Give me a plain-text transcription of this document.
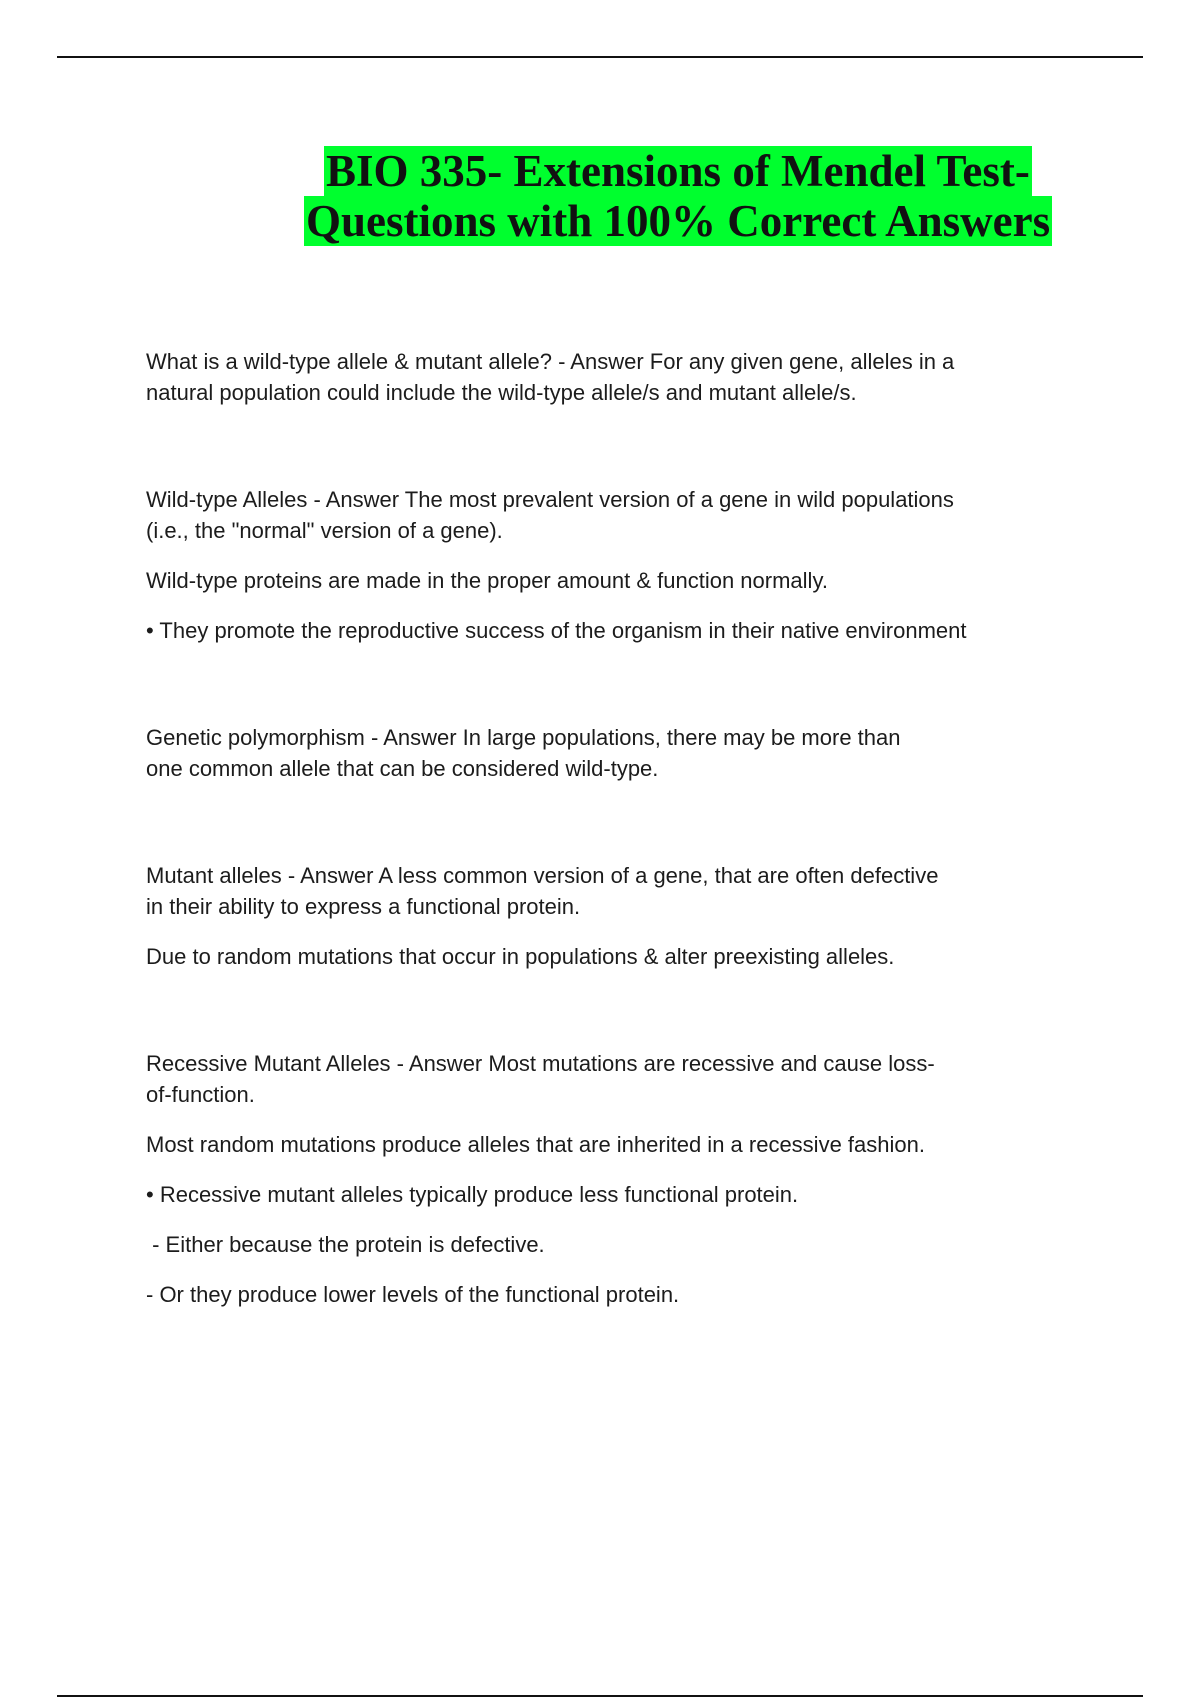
BIO 335- Extensions of Mendel Test-
Questions with 100% Correct Answers
What is a wild-type allele & mutant allele? - Answer For any given gene, alleles in a
natural population could include the wild-type allele/s and mutant allele/s.
Wild-type Alleles - Answer The most prevalent version of a gene in wild populations
(i.e., the "normal" version of a gene).
Wild-type proteins are made in the proper amount & function normally.
• They promote the reproductive success of the organism in their native environment
Genetic polymorphism - Answer In large populations, there may be more than
one common allele that can be considered wild-type.
Mutant alleles - Answer A less common version of a gene, that are often defective
in their ability to express a functional protein.
Due to random mutations that occur in populations & alter preexisting alleles.
Recessive Mutant Alleles - Answer Most mutations are recessive and cause loss-
of-function.
Most random mutations produce alleles that are inherited in a recessive fashion.
• Recessive mutant alleles typically produce less functional protein.
- Either because the protein is defective.
- Or they produce lower levels of the functional protein.
